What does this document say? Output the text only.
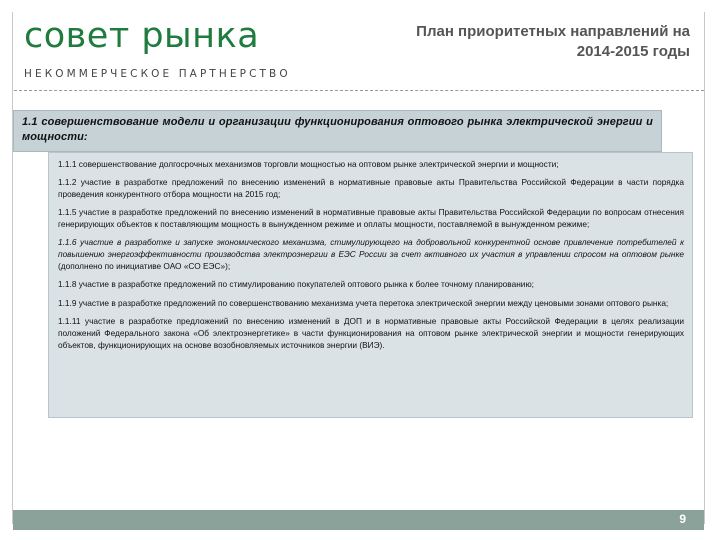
совет рынка
НЕКОММЕРЧЕСКОЕ ПАРТНЕРСТВО
План приоритетных направлений на 2014-2015 годы
1.1 совершенствование модели и организации функционирования оптового рынка электрической энергии и мощности:

1.1.1 совершенствование долгосрочных механизмов торговли мощностью на оптовом рынке электрической энергии и мощности;

1.1.2 участие в разработке предложений по внесению изменений в нормативные правовые акты Правительства Российской Федерации в части порядка проведения конкурентного отбора мощности на 2015 год;

1.1.5 участие в разработке предложений по внесению изменений в нормативные правовые акты Правительства Российской Федерации по вопросам отнесения генерирующих объектов к поставляющим мощность в вынужденном режиме и оплаты мощности, поставляемой в вынужденном режиме;

1.1.6 участие в разработке и запуске экономического механизма, стимулирующего на добровольной конкурентной основе привлечение потребителей к повышению энергоэффективности производства электроэнергии в ЕЭС России за счет активного их участия в управлении спросом на оптовом рынке (дополнено по инициативе ОАО «СО ЕЭС»);

1.1.8 участие в разработке предложений по стимулированию покупателей оптового рынка к более точному планированию;

1.1.9 участие в разработке предложений по совершенствованию механизма учета перетока электрической энергии между ценовыми зонами оптового рынка;

1.1.11 участие в разработке предложений по внесению изменений в ДОП и в нормативные правовые акты Российской Федерации в целях реализации положений Федерального закона «Об электроэнергетике» в части функционирования на оптовом рынке электрической энергии и мощности генерирующих объектов, функционирующих на основе возобновляемых источников энергии (ВИЭ).

9
